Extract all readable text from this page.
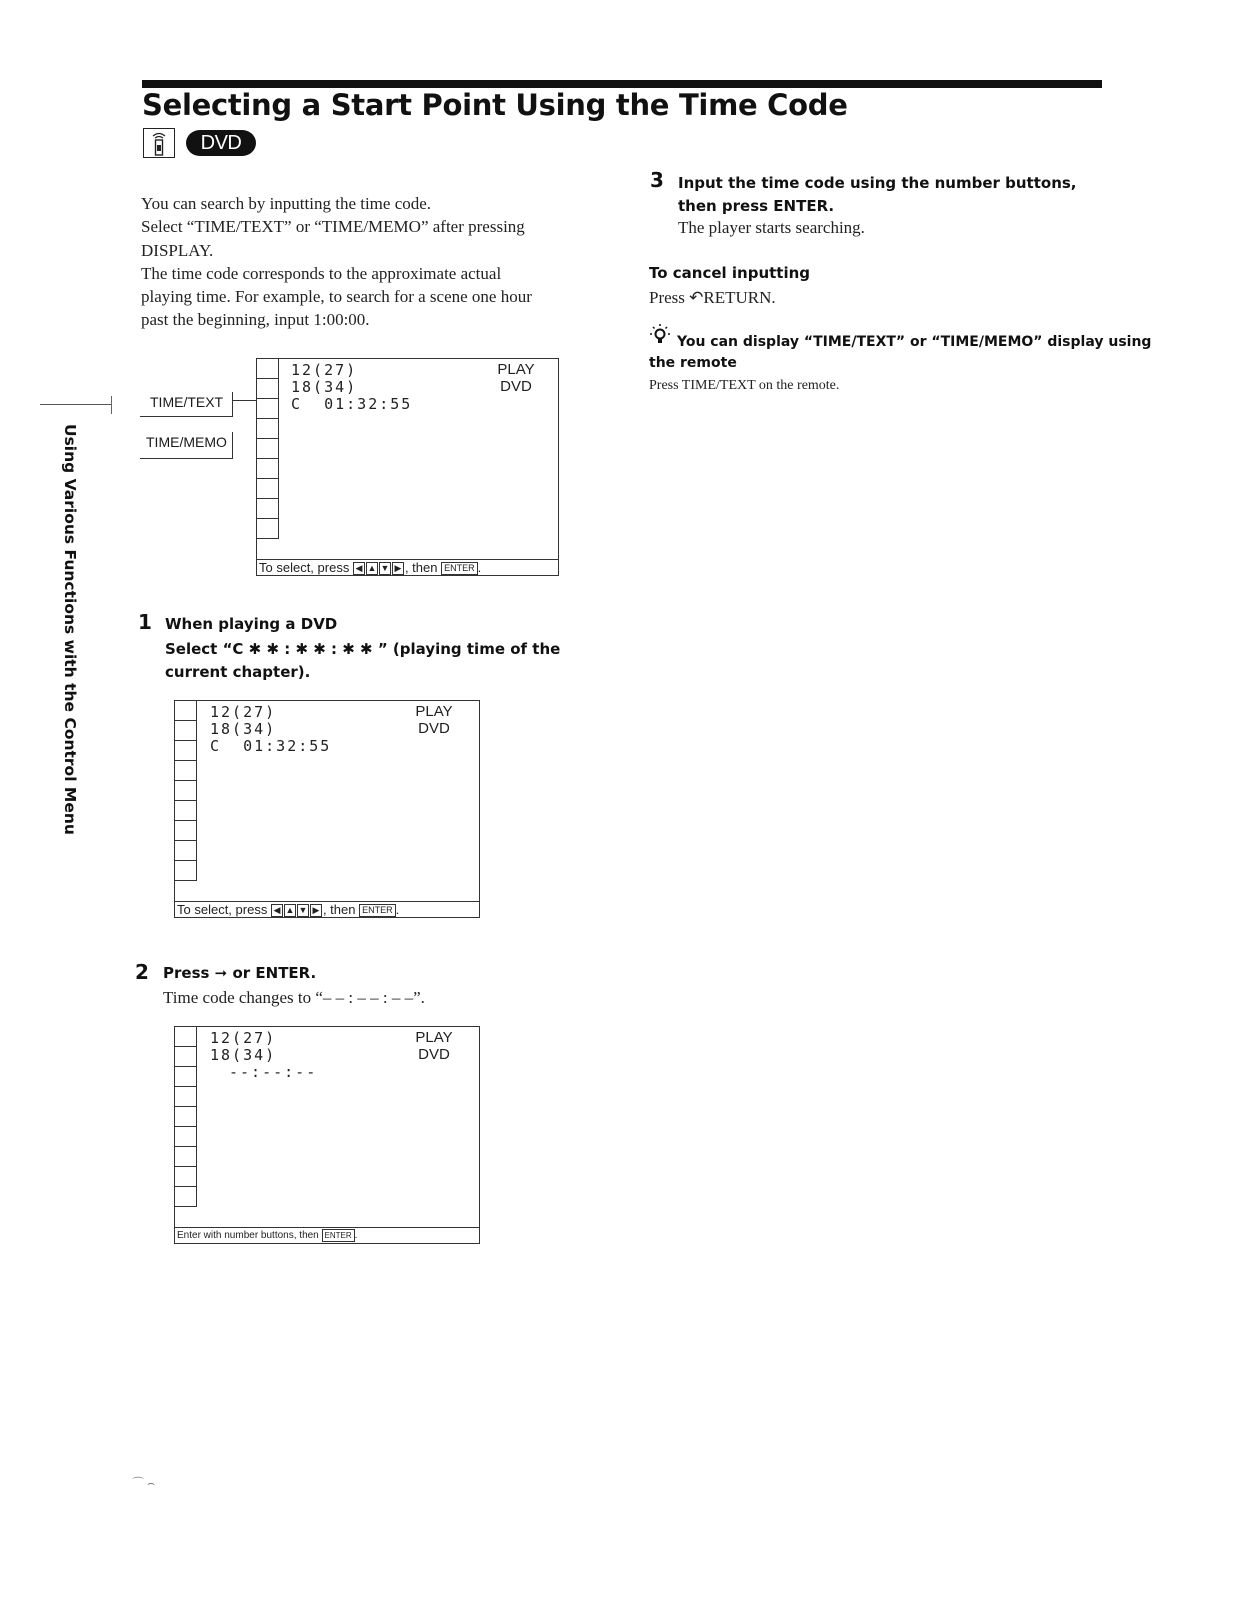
Selecting a Start Point Using the Time Code
DVD
Using Various Functions with the Control Menu
You can search by inputting the time code.
Select “TIME/TEXT” or “TIME/MEMO” after pressing
DISPLAY.
The time code corresponds to the approximate actual
playing time. For example, to search for a scene one hour
past the beginning, input 1:00:00.
TIME/TEXT
TIME/MEMO
12(27)
18(34)
C  01:32:55
PLAY
DVD
To select, press ◀ ▲ ▼ ▶ , then ENTER .
1 When playing a DVD
Select “C ✱ ✱ : ✱ ✱ : ✱ ✱ ” (playing time of the
current chapter).
12(27)
18(34)
C  01:32:55
PLAY
DVD
To select, press ◀ ▲ ▼ ▶ , then ENTER .
2 Press ➞ or ENTER.
Time code changes to “– – : – – : – –”.
12(27)
18(34)
--:--:--
PLAY
DVD
Enter with number buttons, then ENTER .
3 Input the time code using the number buttons,
then press ENTER.
The player starts searching.
To cancel inputting
Press ↶RETURN.
You can display “TIME/TEXT” or “TIME/MEMO” display using
the remote
Press TIME/TEXT on the remote.
⌒ ⌢
